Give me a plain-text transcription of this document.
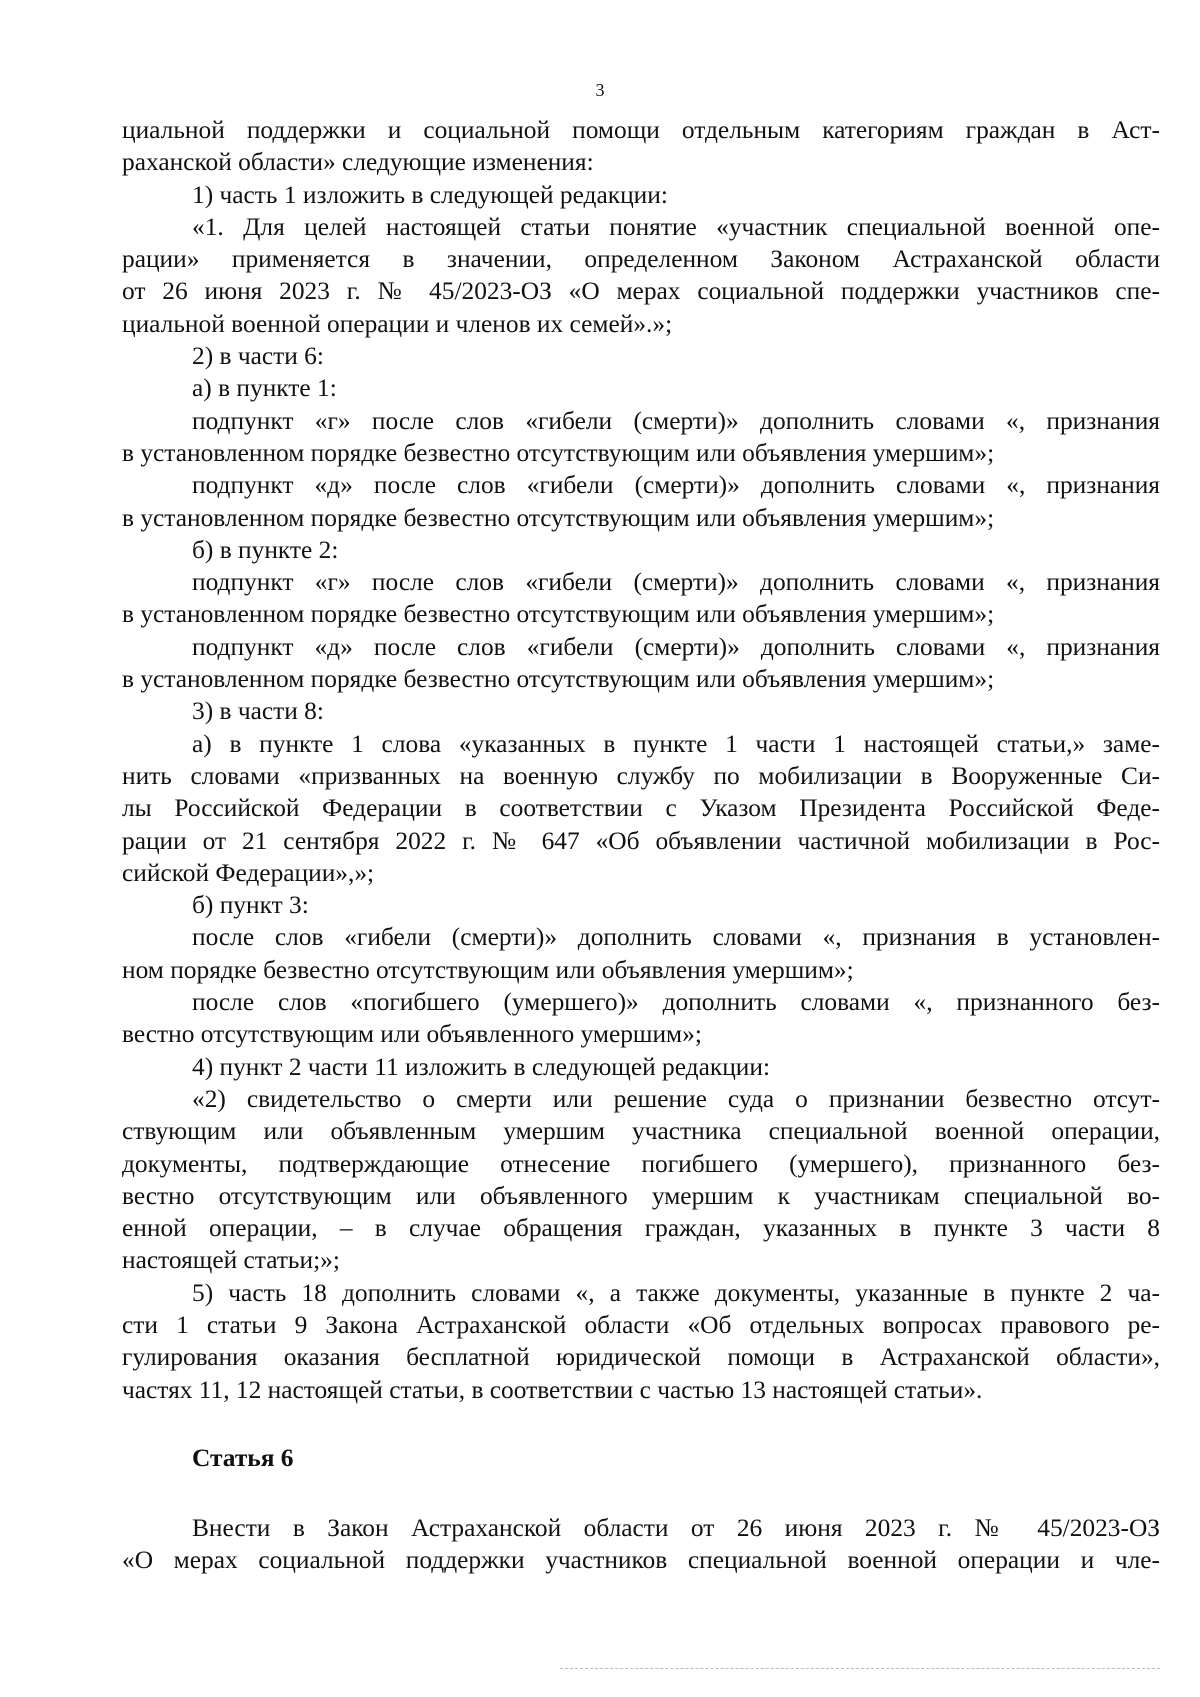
3
циальной поддержки и социальной помощи отдельным категориям граждан в Аст-
раханской области» следующие изменения:
1) часть 1 изложить в следующей редакции:
«1. Для целей настоящей статьи понятие «участник специальной военной опе-
рации» применяется в значении, определенном Законом Астраханской области
от 26 июня 2023 г. № 45/2023-ОЗ «О мерах социальной поддержки участников спе-
циальной военной операции и членов их семей».»;
2) в части 6:
а) в пункте 1:
подпункт «г» после слов «гибели (смерти)» дополнить словами «, признания
в установленном порядке безвестно отсутствующим или объявления умершим»;
подпункт «д» после слов «гибели (смерти)» дополнить словами «, признания
в установленном порядке безвестно отсутствующим или объявления умершим»;
б) в пункте 2:
подпункт «г» после слов «гибели (смерти)» дополнить словами «, признания
в установленном порядке безвестно отсутствующим или объявления умершим»;
подпункт «д» после слов «гибели (смерти)» дополнить словами «, признания
в установленном порядке безвестно отсутствующим или объявления умершим»;
3) в части 8:
а) в пункте 1 слова «указанных в пункте 1 части 1 настоящей статьи,» заме-
нить словами «призванных на военную службу по мобилизации в Вооруженные Си-
лы Российской Федерации в соответствии с Указом Президента Российской Феде-
рации от 21 сентября 2022 г. № 647 «Об объявлении частичной мобилизации в Рос-
сийской Федерации»,»;
б) пункт 3:
после слов «гибели (смерти)» дополнить словами «, признания в установлен-
ном порядке безвестно отсутствующим или объявления умершим»;
после слов «погибшего (умершего)» дополнить словами «, признанного без-
вестно отсутствующим или объявленного умершим»;
4) пункт 2 части 11 изложить в следующей редакции:
«2) свидетельство о смерти или решение суда о признании безвестно отсут-
ствующим или объявленным умершим участника специальной военной операции,
документы, подтверждающие отнесение погибшего (умершего), признанного без-
вестно отсутствующим или объявленного умершим к участникам специальной во-
енной операции, – в случае обращения граждан, указанных в пункте 3 части 8
настоящей статьи;»;
5) часть 18 дополнить словами «, а также документы, указанные в пункте 2 ча-
сти 1 статьи 9 Закона Астраханской области «Об отдельных вопросах правового ре-
гулирования оказания бесплатной юридической помощи в Астраханской области»,
частях 11, 12 настоящей статьи, в соответствии с частью 13 настоящей статьи».
Статья 6
Внести в Закон Астраханской области от 26 июня 2023 г. № 45/2023-ОЗ
«О мерах социальной поддержки участников специальной военной операции и чле-
